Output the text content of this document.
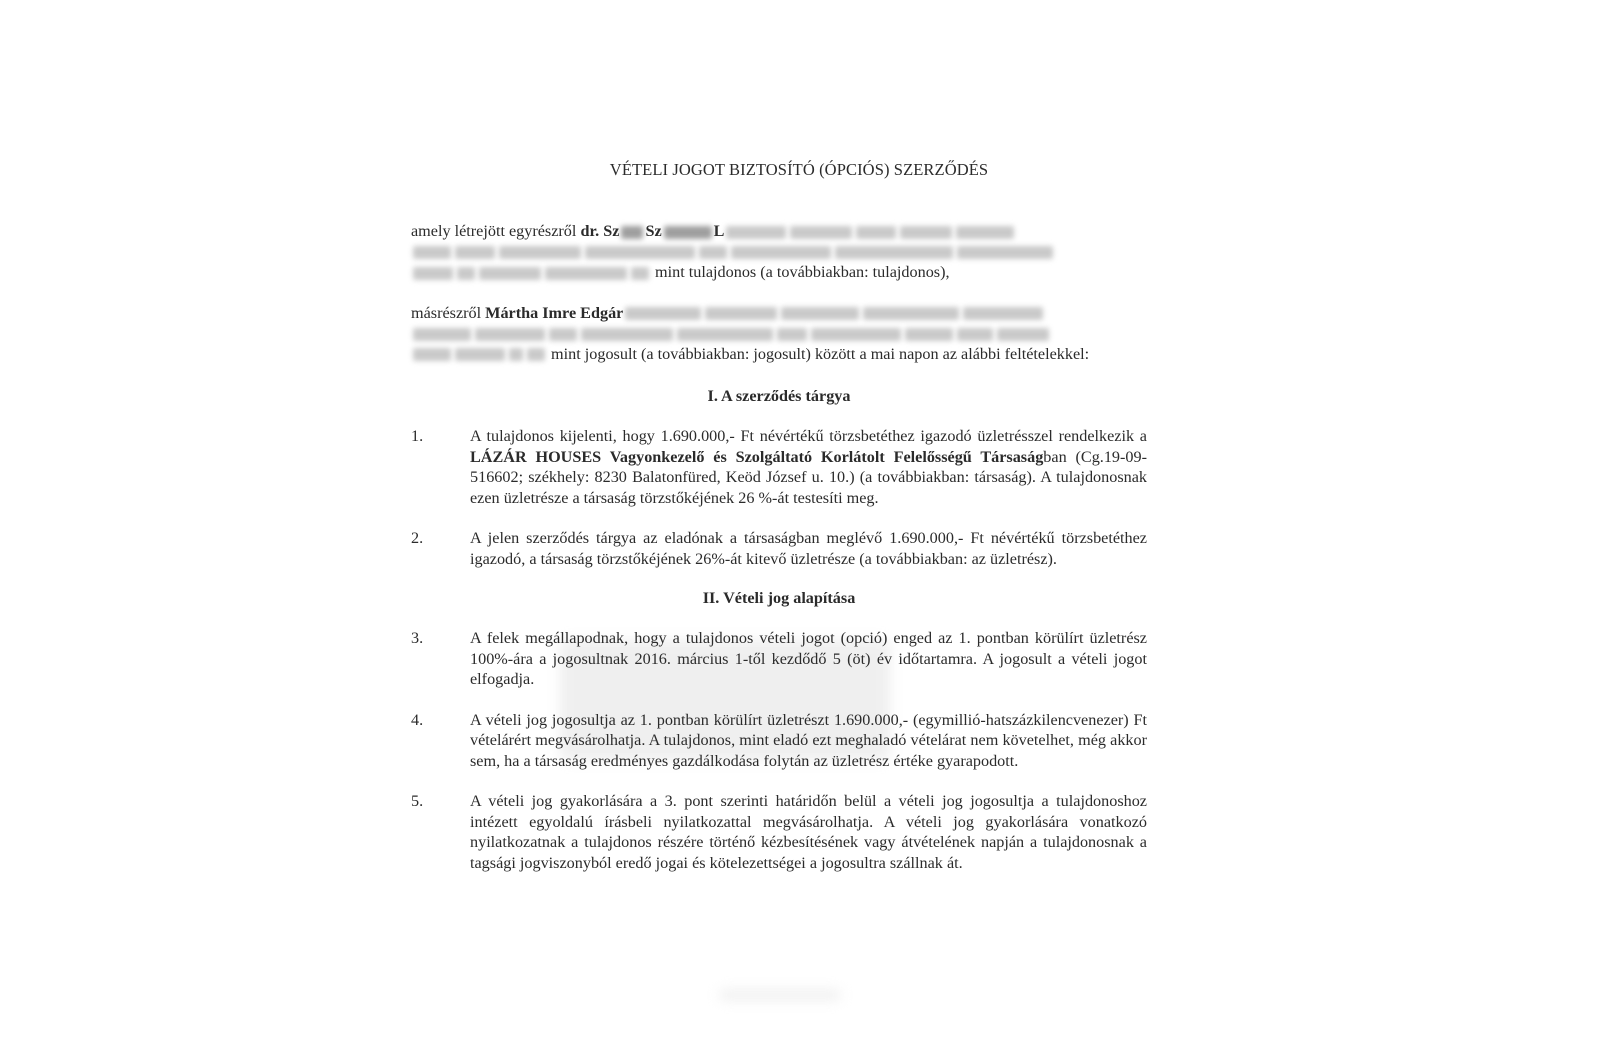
VÉTELI JOGOT BIZTOSÍTÓ (ÓPCIÓS) SZERZŐDÉS
amely létrejött egyrészről dr. Sz Sz	L

mint tulajdonos (a továbbiakban: tulajdonos),
másrészről Mártha Imre Edgár

mint jogosult (a továbbiakban: jogosult) között a mai napon az alábbi feltételekkel:
I. A szerződés tárgya
1.	A tulajdonos kijelenti, hogy 1.690.000,- Ft névértékű törzsbetéthez igazodó üzletrésszel rendelkezik a LÁZÁR HOUSES Vagyonkezelő és Szolgáltató Korlátolt Felelősségű Társaságban (Cg.19-09-516602; székhely: 8230 Balatonfüred, Keöd József u. 10.) (a továbbiakban: társaság). A tulajdonosnak ezen üzletrésze a társaság törzstőkéjének 26 %-át testesíti meg.
2.	A jelen szerződés tárgya az eladónak a társaságban meglévő 1.690.000,- Ft névértékű törzsbetéthez igazodó, a társaság törzstőkéjének 26%-át kitevő üzletrésze (a továbbiakban: az üzletrész).
II. Vételi jog alapítása
3.	A felek megállapodnak, hogy a tulajdonos vételi jogot (opció) enged az 1. pontban körülírt üzletrész 100%-ára a jogosultnak 2016. március 1-től kezdődő 5 (öt) év időtartamra. A jogosult a vételi jogot elfogadja.
4.	A vételi jog jogosultja az 1. pontban körülírt üzletrészt 1.690.000,- (egymillió-hatszázkilencvenezer) Ft vételárért megvásárolhatja. A tulajdonos, mint eladó ezt meghaladó vételárat nem követelhet, még akkor sem, ha a társaság eredményes gazdálkodása folytán az üzletrész értéke gyarapodott.
5.	A vételi jog gyakorlására a 3. pont szerinti határidőn belül a vételi jog jogosultja a tulajdonoshoz intézett egyoldalú írásbeli nyilatkozattal megvásárolhatja. A vételi jog gyakorlására vonatkozó nyilatkozatnak a tulajdonos részére történő kézbesítésének vagy átvételének napján a tulajdonosnak a tagsági jogviszonyból eredő jogai és kötelezettségei a jogosultra szállnak át.
